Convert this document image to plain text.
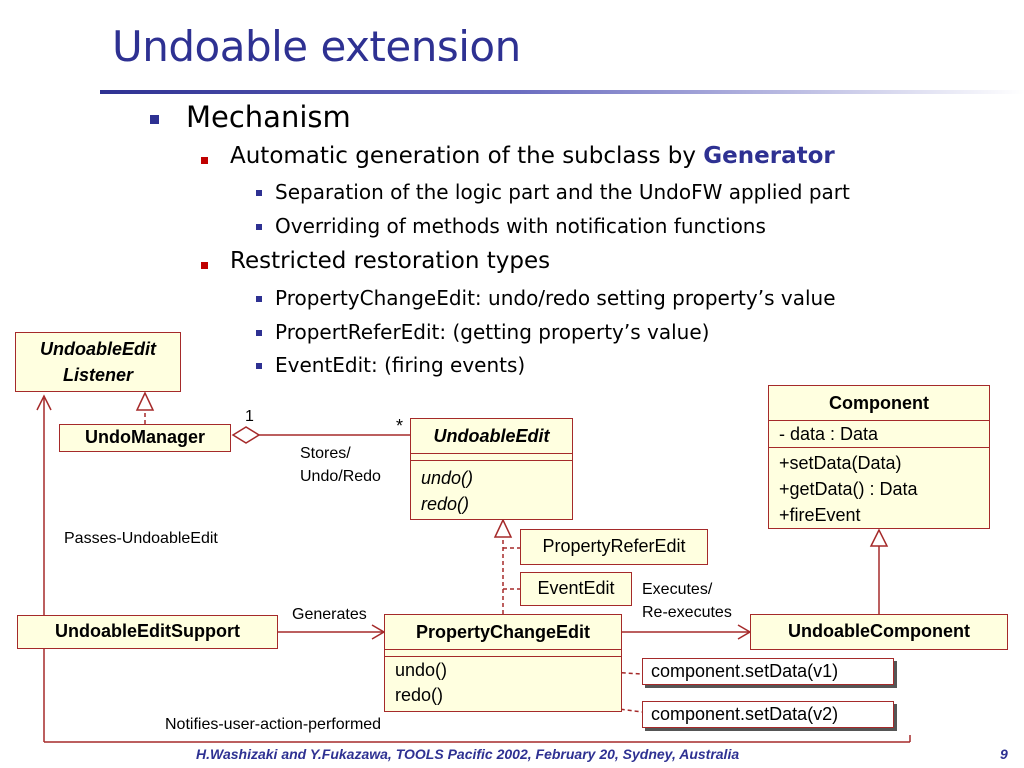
Undoable extension
Mechanism
Automatic generation of the subclass by Generator
Separation of the logic part and the UndoFW applied part
Overriding of methods with notification functions
Restricted restoration types
PropertyChangeEdit: undo/redo setting property’s value
PropertReferEdit: (getting property’s value)
EventEdit: (firing events)
UndoableEdit
Listener
UndoManager
1	*
Stores/
Undo/Redo
UndoableEdit
undo()
redo()
Component
- data : Data
+setData(Data)
+getData() : Data
+fireEvent
PropertyReferEdit
EventEdit
Passes-UndoableEdit
Generates
Executes/
Re-executes
UndoableEditSupport	PropertyChangeEdit
undo()
redo()
UndoableComponent
component.setData(v1)
component.setData(v2)
Notifies-user-action-performed
H.Washizaki and Y.Fukazawa, TOOLS Pacific 2002, February 20, Sydney, Australia	9
